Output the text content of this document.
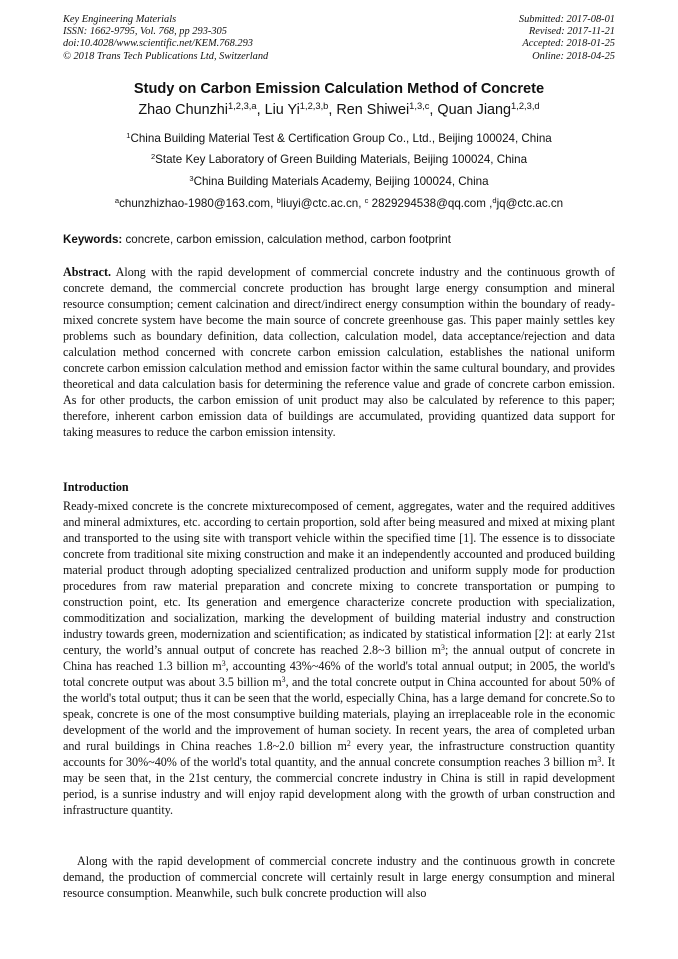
Key Engineering Materials
ISSN: 1662-9795, Vol. 768, pp 293-305
doi:10.4028/www.scientific.net/KEM.768.293
© 2018 Trans Tech Publications Ltd, Switzerland
Submitted: 2017-08-01
Revised: 2017-11-21
Accepted: 2018-01-25
Online: 2018-04-25
Study on Carbon Emission Calculation Method of Concrete
Zhao Chunzhi$^{1,2,3,a}$, Liu Yi$^{1,2,3,b}$, Ren Shiwei$^{1,3,c}$, Quan Jiang$^{1,2,3,d}$
$^1$China Building Material Test & Certification Group Co., Ltd., Beijing 100024, China
$^2$State Key Laboratory of Green Building Materials, Beijing 100024, China
$^3$China Building Materials Academy, Beijing 100024, China
$^a$chunzhizhao-1980@163.com, $^b$liuyi@ctc.ac.cn, $^c$ 2829294538@qq.com ,$^d$jq@ctc.ac.cn
Keywords: concrete, carbon emission, calculation method, carbon footprint
Abstract. Along with the rapid development of commercial concrete industry and the continuous growth of concrete demand, the commercial concrete production has brought large energy consumption and mineral resource consumption; cement calcination and direct/indirect energy consumption within the boundary of ready-mixed concrete system have become the main source of concrete greenhouse gas. This paper mainly settles key problems such as boundary definition, data collection, calculation model, data acceptance/rejection and data calculation method concerned with concrete carbon emission calculation, establishes the national uniform concrete carbon emission calculation method and emission factor within the same cultural boundary, and provides theoretical and data calculation basis for determining the reference value and grade of concrete carbon emission. As for other products, the carbon emission of unit product may also be calculated by reference to this paper; therefore, inherent carbon emission data of buildings are accumulated, providing quantized data support for taking measures to reduce the carbon emission intensity.
Introduction
Ready-mixed concrete is the concrete mixturecomposed of cement, aggregates, water and the required additives and mineral admixtures, etc. according to certain proportion, sold after being measured and mixed at mixing plant and transported to the using site with transport vehicle within the specified time [1]. The essence is to dissociate concrete from traditional site mixing construction and make it an independently accounted and produced building material product through adopting specialized centralized production and uniform supply mode for production procedures from raw material preparation and concrete mixing to concrete transportation or pumping to construction point, etc. Its generation and emergence characterize concrete production with specialization, commoditization and socialization, marking the development of building material industry and construction industry towards green, modernization and scientification; as indicated by statistical information [2]: at early 21st century, the world’s annual output of concrete has reached 2.8~3 billion $m^3$; the annual output of concrete in China has reached 1.3 billion $m^3$, accounting 43%~46% of the world's total annual output; in 2005, the world's total concrete output was about 3.5 billion $m^3$, and the total concrete output in China accounted for about 50% of the world's total output; thus it can be seen that the world, especially China, has a large demand for concrete.So to speak, concrete is one of the most consumptive building materials, playing an irreplaceable role in the economic development of the world and the improvement of human society. In recent years, the area of completed urban and rural buildings in China reaches 1.8~2.0 billion $m^2$ every year, the infrastructure construction quantity accounts for 30%~40% of the world's total quantity, and the annual concrete consumption reaches 3 billion $m^3$. It may be seen that, in the 21st century, the commercial concrete industry in China is still in rapid development period, is a sunrise industry and will enjoy rapid development along with the growth of urban construction and infrastructure quantity.
Along with the rapid development of commercial concrete industry and the continuous growth in concrete demand, the production of commercial concrete will certainly result in large energy consumption and mineral resource consumption. Meanwhile, such bulk concrete production will also
